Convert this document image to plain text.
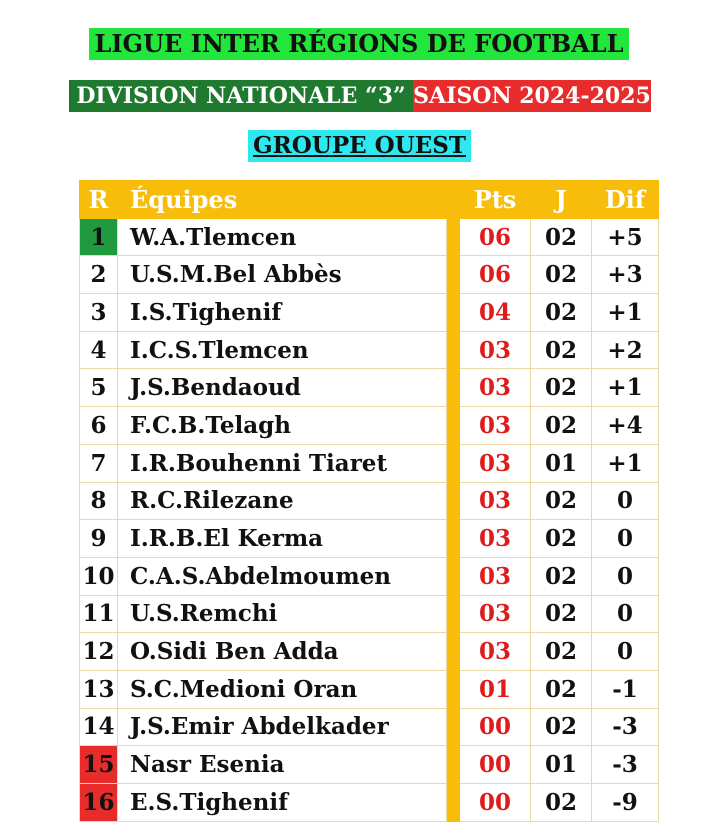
LIGUE INTER RÉGIONS DE FOOTBALL
DIVISION NATIONALE “3” SAISON 2024-2025
GROUPE OUEST
R	Équipes		Pts	J	Dif
1	W.A.Tlemcen		06	02	+5
2	U.S.M.Bel Abbès		06	02	+3
3	I.S.Tighenif		04	02	+1
4	I.C.S.Tlemcen		03	02	+2
5	J.S.Bendaoud		03	02	+1
6	F.C.B.Telagh		03	02	+4
7	I.R.Bouhenni Tiaret		03	01	+1
8	R.C.Rilezane		03	02	0
9	I.R.B.El Kerma		03	02	0
10	C.A.S.Abdelmoumen		03	02	0
11	U.S.Remchi		03	02	0
12	O.Sidi Ben Adda		03	02	0
13	S.C.Medioni Oran		01	02	-1
14	J.S.Emir Abdelkader		00	02	-3
15	Nasr Esenia		00	01	-3
16	E.S.Tighenif		00	02	-9
